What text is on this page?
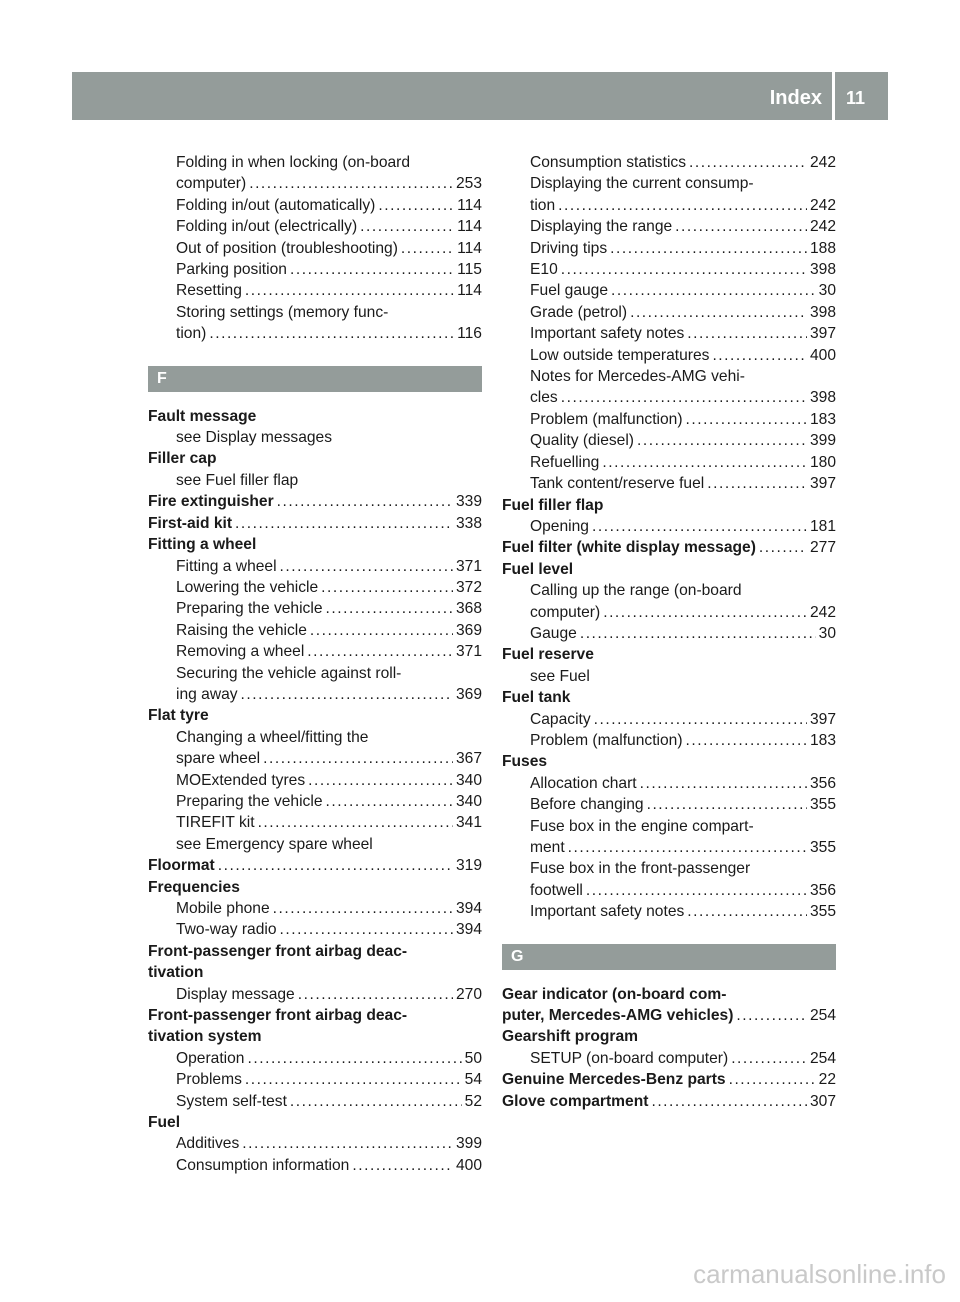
Index 11
Folding in when locking (on-board
computer) . . .	253
Folding in/out (automatically) . . .	114
Folding in/out (electrically) . . .	114
Out of position (troubleshooting) . . .	114
Parking position . . .	115
Resetting . . .	114
Storing settings (memory func-
tion) . . .	116
F
Fault message
see Display messages
Filler cap
see Fuel filler flap
Fire extinguisher . . .	339
First-aid kit . . .	338
Fitting a wheel
Fitting a wheel . . .	371
Lowering the vehicle . . .	372
Preparing the vehicle . . .	368
Raising the vehicle . . .	369
Removing a wheel . . .	371
Securing the vehicle against roll-
ing away . . .	369
Flat tyre
Changing a wheel/fitting the
spare wheel . . .	367
MOExtended tyres . . .	340
Preparing the vehicle . . .	340
TIREFIT kit . . .	341
see Emergency spare wheel
Floormat . . .	319
Frequencies
Mobile phone . . .	394
Two-way radio . . .	394
Front-passenger front airbag deac-
tivation
Display message . . .	270
Front-passenger front airbag deac-
tivation system
Operation . . .	50
Problems . . .	54
System self-test . . .	52
Fuel
Additives . . .	399
Consumption information . . .	400
Consumption statistics . . .	242
Displaying the current consump-
tion . . .	242
Displaying the range . . .	242
Driving tips . . .	188
E10 . . .	398
Fuel gauge . . .	30
Grade (petrol) . . .	398
Important safety notes . . .	397
Low outside temperatures . . .	400
Notes for Mercedes-AMG vehi-
cles . . .	398
Problem (malfunction) . . .	183
Quality (diesel) . . .	399
Refuelling . . .	180
Tank content/reserve fuel . . .	397
Fuel filler flap
Opening . . .	181
Fuel filter (white display message) . . .	277
Fuel level
Calling up the range (on-board
computer) . . .	242
Gauge . . .	30
Fuel reserve
see Fuel
Fuel tank
Capacity . . .	397
Problem (malfunction) . . .	183
Fuses
Allocation chart . . .	356
Before changing . . .	355
Fuse box in the engine compart-
ment . . .	355
Fuse box in the front-passenger
footwell . . .	356
Important safety notes . . .	355
G
Gear indicator (on-board com-
puter, Mercedes-AMG vehicles) . . .	254
Gearshift program
SETUP (on-board computer) . . .	254
Genuine Mercedes-Benz parts . . .	22
Glove compartment . . .	307
carmanualsonline.info
